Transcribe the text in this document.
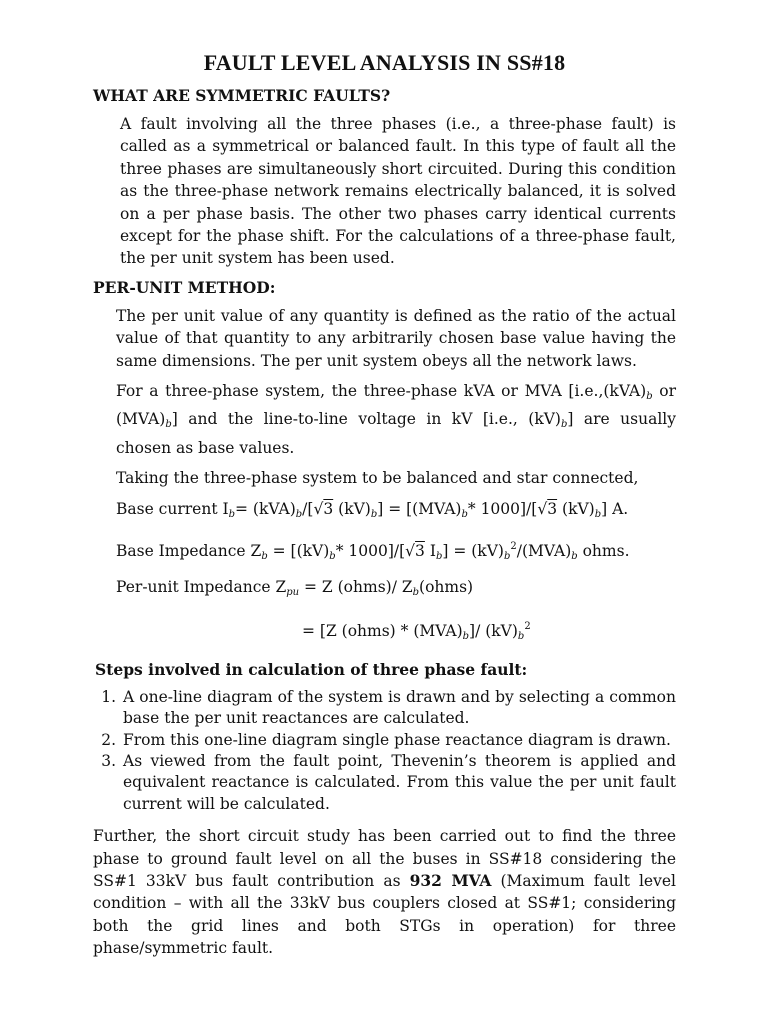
FAULT LEVEL ANALYSIS IN SS#18
WHAT ARE SYMMETRIC FAULTS?

A fault involving all the three phases (i.e., a three-phase fault) is called as a symmetrical or balanced fault. In this type of fault all the three phases are simultaneously short circuited. During this condition as the three-phase network remains electrically balanced, it is solved on a per phase basis. The other two phases carry identical currents except for the phase shift. For the calculations of a three-phase fault, the per unit system has been used.

PER-UNIT METHOD:

The per unit value of any quantity is defined as the ratio of the actual value of that quantity to any arbitrarily chosen base value having the same dimensions. The per unit system obeys all the network laws.

For a three-phase system, the three-phase kVA or MVA [$i.e.,(kVA)_b$ or $(MVA)_b$] and the line-to-line voltage in kV [i.e., $(kV)_b$] are usually chosen as base values.

Taking the three-phase system to be balanced and star connected,

Base current $I_b= (kVA)_b/[√3$ $(kV)_b] = [(MVA)_b*$ 1000]/[√3 $(kV)_b$] A.
Base Impedance $Z_b = [(kV)_b*$ 1000]/[√3 $I_b] = (kV)_b^2/(MVA)_b$ ohms.
Per-unit Impedance $Z_{pu} = Z$ (ohms)/ $Z_b(ohms)$
= [Z (ohms) * $(MVA)_b]/$ $(kV)_b^2$
Steps involved in calculation of three phase fault:
1. A one-line diagram of the system is drawn and by selecting a common base the per unit reactances are calculated.
2. From this one-line diagram single phase reactance diagram is drawn.
3. As viewed from the fault point, Thevenin’s theorem is applied and equivalent reactance is calculated. From this value the per unit fault current will be calculated.

Further, the short circuit study has been carried out to find the three phase to ground fault level on all the buses in SS#18 considering the SS#1 33kV bus fault contribution as 932 MVA (Maximum fault level condition – with all the 33kV bus couplers closed at SS#1; considering both the grid lines and both STGs in operation) for three phase/symmetric fault.
